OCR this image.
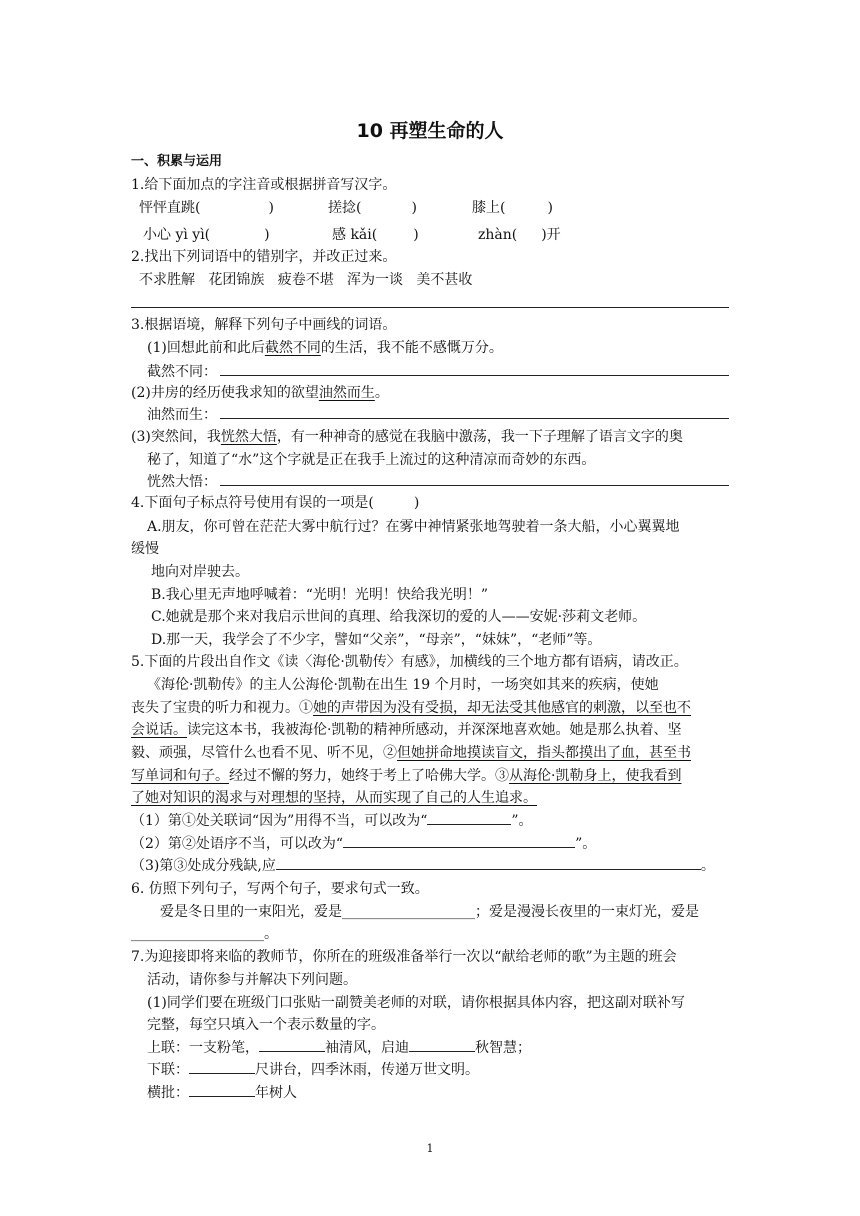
10 再塑生命的人
一、积累与运用
1.给下面加点的字注音或根据拼音写汉字。
怦怦直跳(	)	搓捻(	)	膝上(	)
小心 yì yì(	)	感 kǎi(	)	zhàn( )开
2.找出下列词语中的错别字，并改正过来。
不求胜解   花团锦族   疲卷不堪   浑为一谈   美不甚收
3.根据语境，解释下列句子中画线的词语。
(1)回想此前和此后截然不同的生活，我不能不感慨万分。
截然不同：
(2)井房的经历使我求知的欲望油然而生。
油然而生：
(3)突然间，我恍然大悟，有一种神奇的感觉在我脑中激荡，我一下子理解了语言文字的奥
秘了，知道了“水”这个字就是正在我手上流过的这种清凉而奇妙的东西。
恍然大悟：
4.下面句子标点符号使用有误的一项是(	)
A.朋友，你可曾在茫茫大雾中航行过？在雾中神情紧张地驾驶着一条大船，小心翼翼地
缓慢
地向对岸驶去。
B.我心里无声地呼喊着：“光明！光明！快给我光明！”
C.她就是那个来对我启示世间的真理、给我深切的爱的人——安妮·莎莉文老师。
D.那一天，我学会了不少字，譬如“父亲”，“母亲”，“妹妹”，“老师”等。
5.下面的片段出自作文《读〈海伦·凯勒传〉有感》，加横线的三个地方都有语病，请改正。
《海伦·凯勒传》的主人公海伦·凯勒在出生 19 个月时，一场突如其来的疾病，使她
丧失了宝贵的听力和视力。①她的声带因为没有受损，却无法受其他感官的刺激，以至也不
会说话。读完这本书，我被海伦·凯勒的精神所感动，并深深地喜欢她。她是那么执着、坚
毅、顽强，尽管什么也看不见、听不见，②但她拼命地摸读盲文，指头都摸出了血，甚至书
写单词和句子。经过不懈的努力，她终于考上了哈佛大学。③从海伦·凯勒身上，使我看到
了她对知识的渴求与对理想的坚持，从而实现了自己的人生追求。
（1）第①处关联词“因为”用得不当，可以改为“	”。
（2）第②处语序不当，可以改为“	”。
（3)第③处成分残缺,应	。
6. 仿照下列句子，写两个句子，要求句式一致。
爱是冬日里的一束阳光，爱是___________________；爱是漫漫长夜里的一束灯光，爱是
___________________。
7.为迎接即将来临的教师节，你所在的班级准备举行一次以“献给老师的歌”为主题的班会
活动，请你参与并解决下列问题。
(1)同学们要在班级门口张贴一副赞美老师的对联，请你根据具体内容，把这副对联补写
完整，每空只填入一个表示数量的字。
上联：一支粉笔，	袖清风，启迪	秋智慧；
下联：	尺讲台，四季沐雨，传递万世文明。
横批：	年树人
1
